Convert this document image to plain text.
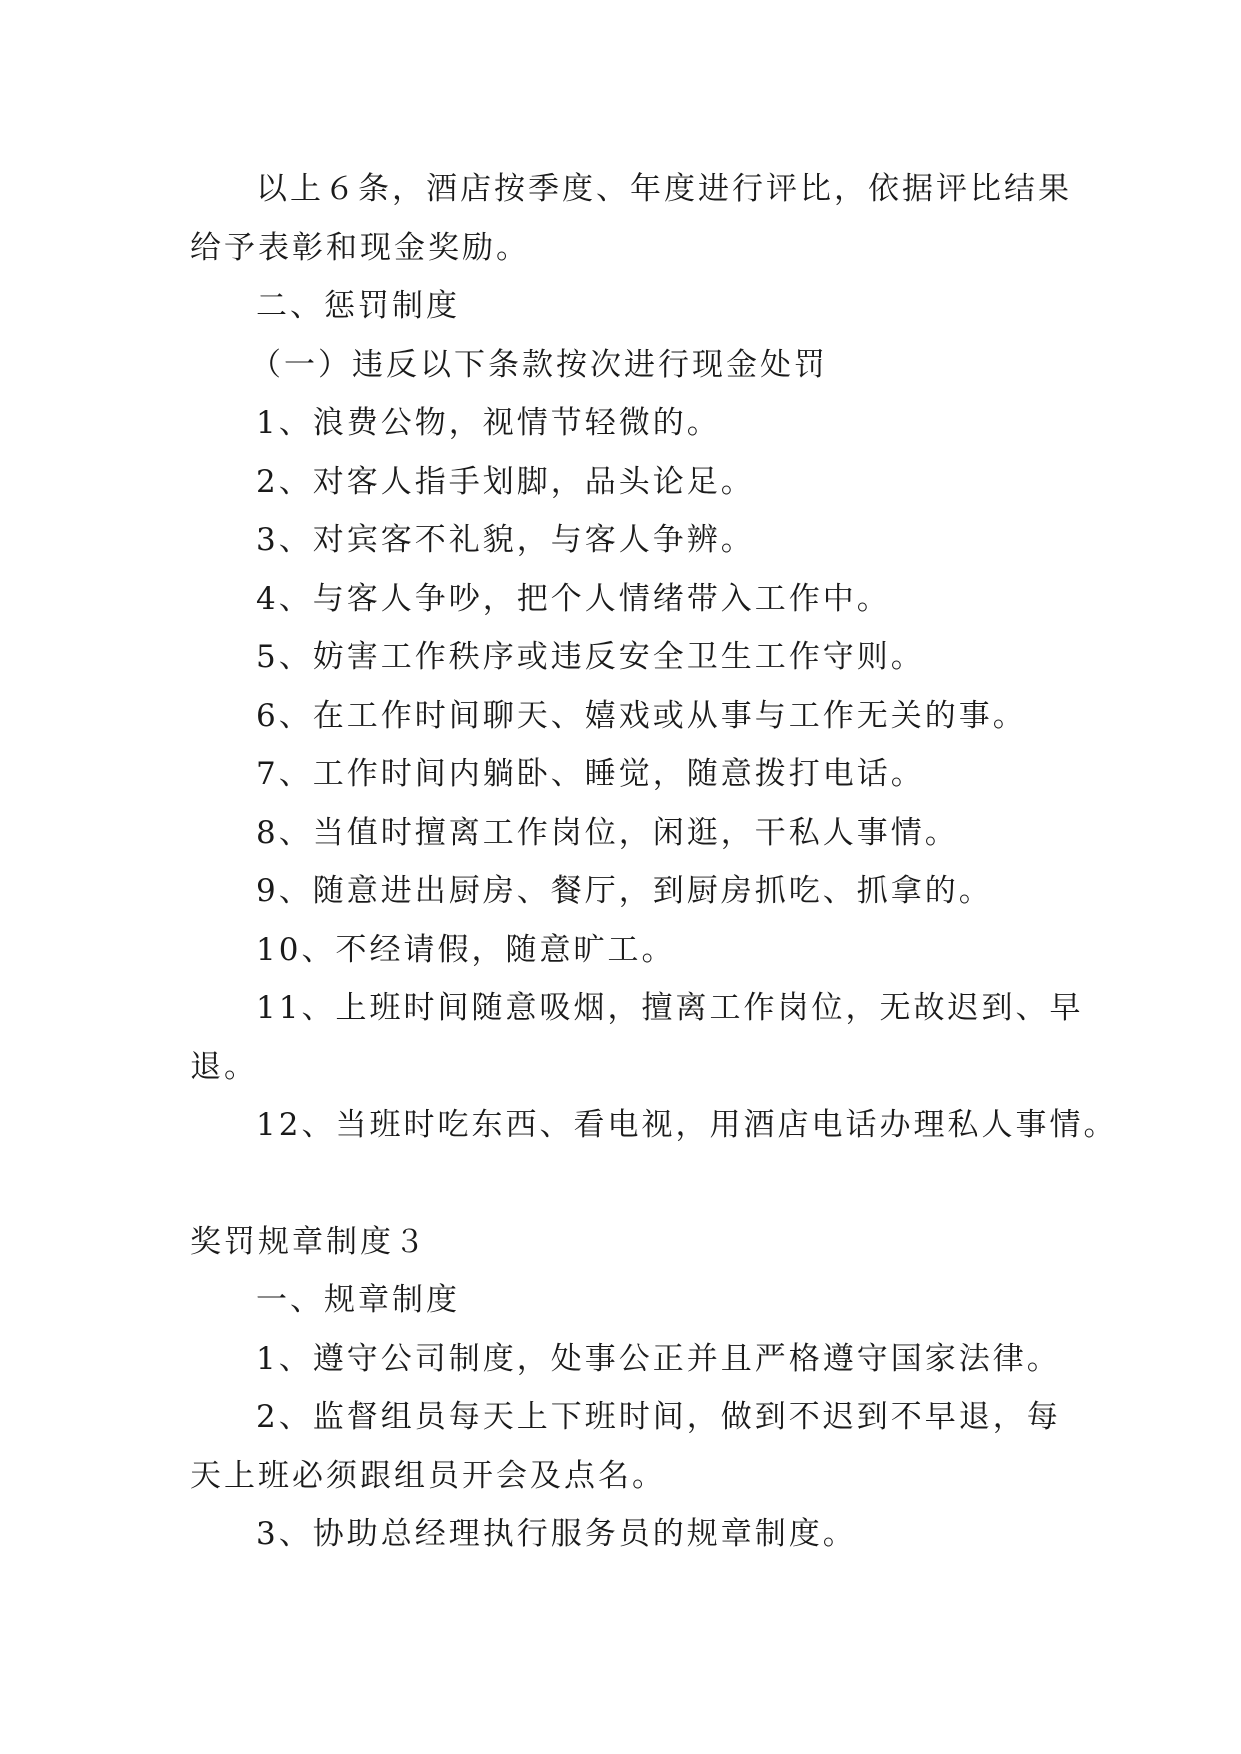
以上６条，酒店按季度、年度进行评比，依据评比结果

给予表彰和现金奖励。

二、惩罚制度

（一）违反以下条款按次进行现金处罚

1、浪费公物，视情节轻微的。

2、对客人指手划脚，品头论足。

3、对宾客不礼貌，与客人争辨。

4、与客人争吵，把个人情绪带入工作中。

5、妨害工作秩序或违反安全卫生工作守则。

6、在工作时间聊天、嬉戏或从事与工作无关的事。

7、工作时间内躺卧、睡觉，随意拨打电话。

8、当值时擅离工作岗位，闲逛，干私人事情。

9、随意进出厨房、餐厅，到厨房抓吃、抓拿的。

10、不经请假，随意旷工。

11、上班时间随意吸烟，擅离工作岗位，无故迟到、早

退。

12、当班时吃东西、看电视，用酒店电话办理私人事情。

奖罚规章制度３

一、规章制度

1、遵守公司制度，处事公正并且严格遵守国家法律。

2、监督组员每天上下班时间，做到不迟到不早退，每

天上班必须跟组员开会及点名。

3、协助总经理执行服务员的规章制度。
